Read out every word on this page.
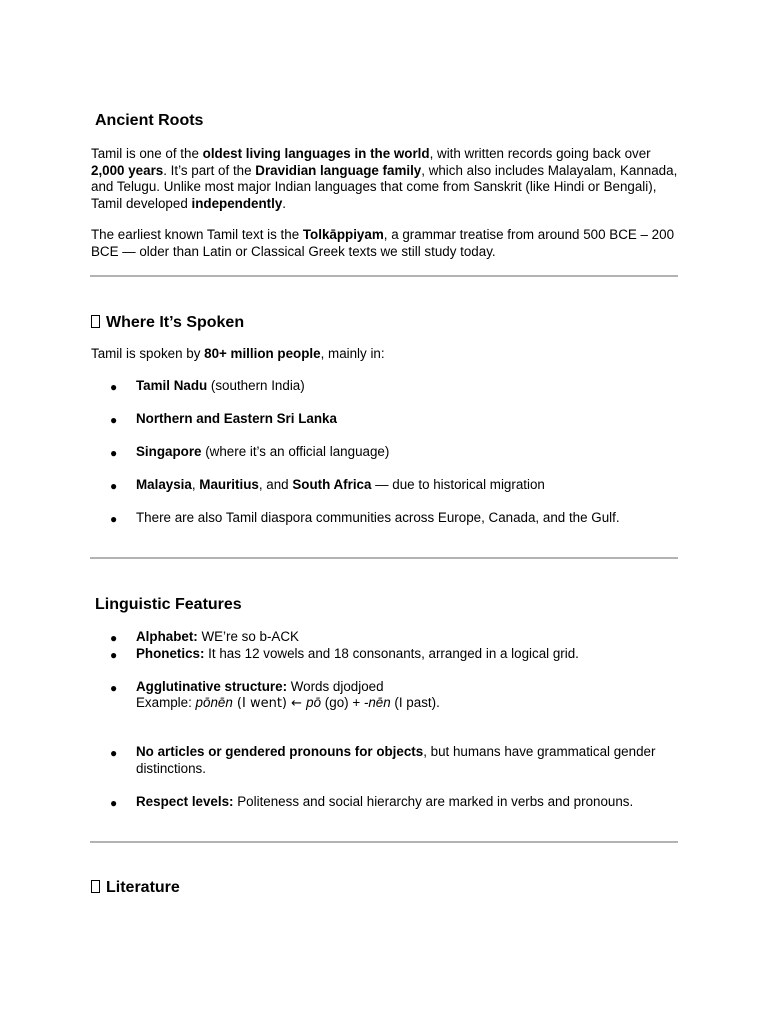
Ancient Roots

Tamil is one of the oldest living languages in the world, with written records going back over 2,000 years. It’s part of the Dravidian language family, which also includes Malayalam, Kannada, and Telugu. Unlike most major Indian languages that come from Sanskrit (like Hindi or Bengali), Tamil developed independently.

The earliest known Tamil text is the Tolkāppiyam, a grammar treatise from around 500 BCE – 200 BCE — older than Latin or Classical Greek texts we still study today.

Where It’s Spoken

Tamil is spoken by 80+ million people, mainly in:

● Tamil Nadu (southern India)
● Northern and Eastern Sri Lanka
● Singapore (where it’s an official language)
● Malaysia, Mauritius, and South Africa — due to historical migration
● There are also Tamil diaspora communities across Europe, Canada, and the Gulf.
Linguistic Features
● Alphabet: WE’re so b-ACK
● Phonetics: It has 12 vowels and 18 consonants, arranged in a logical grid.
● Agglutinative structure: Words djodjoed
Example: pōnēn (I went) ← pō (go) + -nēn (I past).
● No articles or gendered pronouns for objects, but humans have grammatical gender distinctions.
● Respect levels: Politeness and social hierarchy are marked in verbs and pronouns.
Literature
